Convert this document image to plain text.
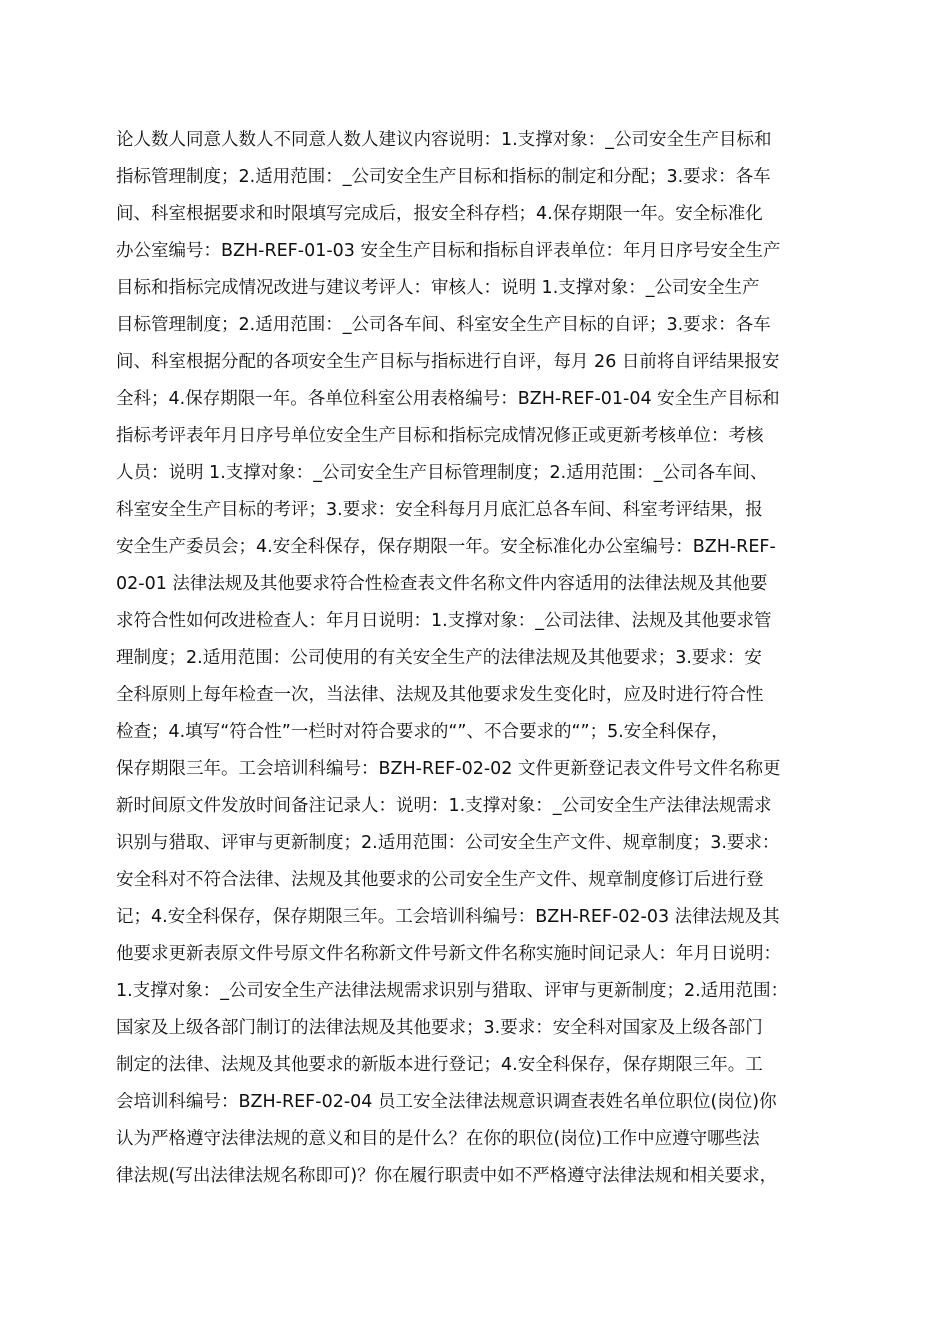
论人数人同意人数人不同意人数人建议内容说明：1.支撑对象：_公司安全生产目标和
指标管理制度；2.适用范围：_公司安全生产目标和指标的制定和分配；3.要求：各车
间、科室根据要求和时限填写完成后，报安全科存档；4.保存期限一年。安全标准化
办公室编号：BZH-REF-01-03 安全生产目标和指标自评表单位：年月日序号安全生产
目标和指标完成情况改进与建议考评人：审核人：说明 1.支撑对象：_公司安全生产
目标管理制度；2.适用范围：_公司各车间、科室安全生产目标的自评；3.要求：各车
间、科室根据分配的各项安全生产目标与指标进行自评，每月 26 日前将自评结果报安
全科；4.保存期限一年。各单位科室公用表格编号：BZH-REF-01-04 安全生产目标和
指标考评表年月日序号单位安全生产目标和指标完成情况修正或更新考核单位：考核
人员：说明 1.支撑对象：_公司安全生产目标管理制度；2.适用范围：_公司各车间、
科室安全生产目标的考评；3.要求：安全科每月月底汇总各车间、科室考评结果，报
安全生产委员会；4.安全科保存，保存期限一年。安全标准化办公室编号：BZH-REF-
02-01 法律法规及其他要求符合性检查表文件名称文件内容适用的法律法规及其他要
求符合性如何改进检查人：年月日说明：1.支撑对象：_公司法律、法规及其他要求管
理制度；2.适用范围：公司使用的有关安全生产的法律法规及其他要求；3.要求：安
全科原则上每年检查一次，当法律、法规及其他要求发生变化时，应及时进行符合性
检查；4.填写“符合性”一栏时对符合要求的“”、不合要求的“”；5.安全科保存，
保存期限三年。工会培训科编号：BZH-REF-02-02 文件更新登记表文件号文件名称更
新时间原文件发放时间备注记录人：说明：1.支撑对象：_公司安全生产法律法规需求
识别与猎取、评审与更新制度；2.适用范围：公司安全生产文件、规章制度；3.要求：
安全科对不符合法律、法规及其他要求的公司安全生产文件、规章制度修订后进行登
记；4.安全科保存，保存期限三年。工会培训科编号：BZH-REF-02-03 法律法规及其
他要求更新表原文件号原文件名称新文件号新文件名称实施时间记录人：年月日说明：
1.支撑对象：_公司安全生产法律法规需求识别与猎取、评审与更新制度；2.适用范围：
国家及上级各部门制订的法律法规及其他要求；3.要求：安全科对国家及上级各部门
制定的法律、法规及其他要求的新版本进行登记；4.安全科保存，保存期限三年。工
会培训科编号：BZH-REF-02-04 员工安全法律法规意识调查表姓名单位职位(岗位)你
认为严格遵守法律法规的意义和目的是什么？在你的职位(岗位)工作中应遵守哪些法
律法规(写出法律法规名称即可)？你在履行职责中如不严格遵守法律法规和相关要求，
